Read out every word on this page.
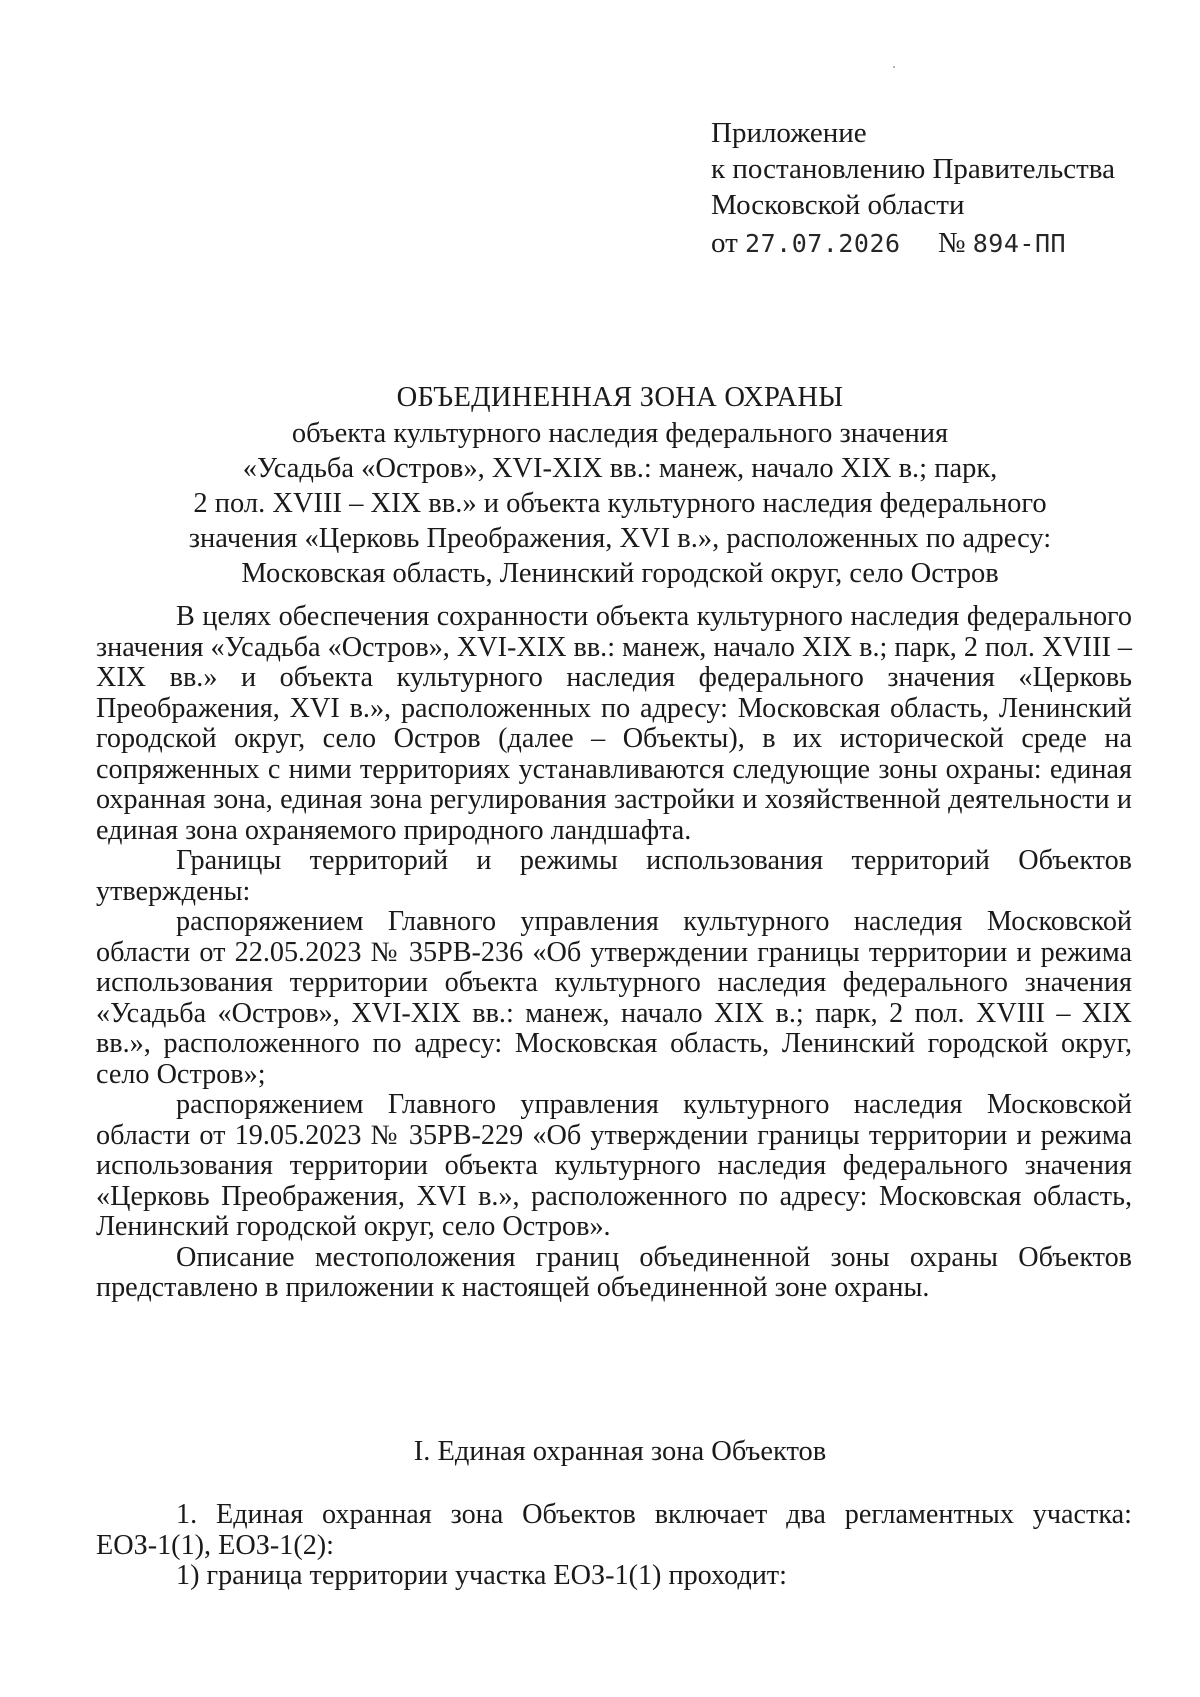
Приложение
к постановлению Правительства
Московской области
от 27.07.2026 № 894-ПП
ОБЪЕДИНЕННАЯ ЗОНА ОХРАНЫ
объекта культурного наследия федерального значения
«Усадьба «Остров», XVI-XIX вв.: манеж, начало XIX в.; парк,
2 пол. XVIII – XIX вв.» и объекта культурного наследия федерального
значения «Церковь Преображения, XVI в.», расположенных по адресу:
Московская область, Ленинский городской округ, село Остров

В целях обеспечения сохранности объекта культурного наследия федерального значения «Усадьба «Остров», XVI-XIX вв.: манеж, начало XIX в.; парк, 2 пол. XVIII – XIX вв.» и объекта культурного наследия федерального значения «Церковь Преображения, XVI в.», расположенных по адресу: Московская область, Ленинский городской округ, село Остров (далее – Объекты), в их исторической среде на сопряженных с ними территориях устанавливаются следующие зоны охраны: единая охранная зона, единая зона регулирования застройки и хозяйственной деятельности и единая зона охраняемого природного ландшафта.

Границы территорий и режимы использования территорий Объектов утверждены:

распоряжением Главного управления культурного наследия Московской области от 22.05.2023 № 35РВ-236 «Об утверждении границы территории и режима использования территории объекта культурного наследия федерального значения «Усадьба «Остров», XVI-XIX вв.: манеж, начало XIX в.; парк, 2 пол. XVIII – XIX вв.», расположенного по адресу: Московская область, Ленинский городской округ, село Остров»;

распоряжением Главного управления культурного наследия Московской области от 19.05.2023 № 35РВ-229 «Об утверждении границы территории и режима использования территории объекта культурного наследия федерального значения «Церковь Преображения, XVI в.», расположенного по адресу: Московская область, Ленинский городской округ, село Остров».

Описание местоположения границ объединенной зоны охраны Объектов представлено в приложении к настоящей объединенной зоне охраны.

I. Единая охранная зона Объектов

1. Единая охранная зона Объектов включает два регламентных участка: ЕОЗ-1(1), ЕОЗ-1(2):

1) граница территории участка ЕОЗ-1(1) проходит:
